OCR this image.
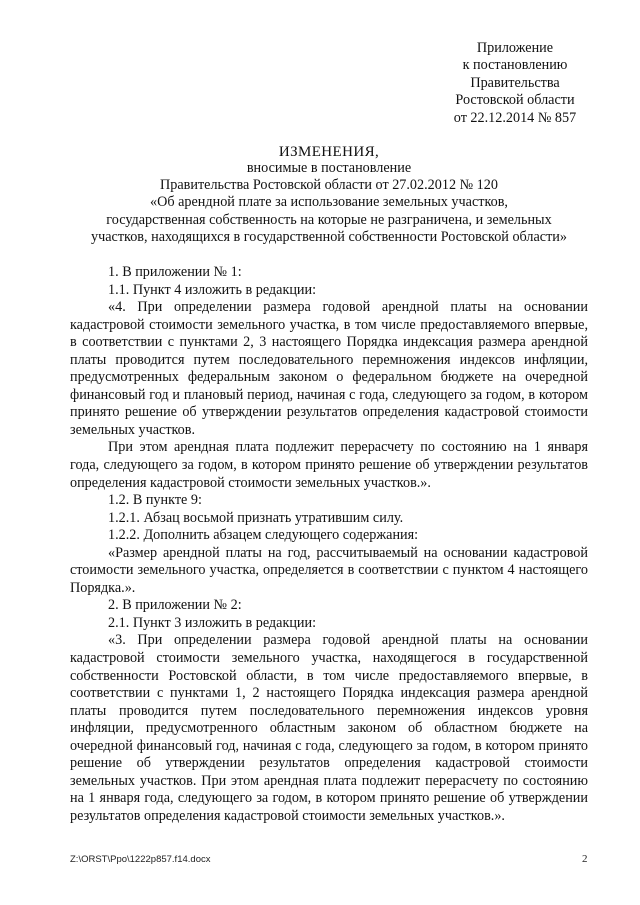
Приложение
к постановлению
Правительства
Ростовской области
от 22.12.2014 № 857
ИЗМЕНЕНИЯ,
вносимые в постановление
Правительства Ростовской области от 27.02.2012 № 120
«Об арендной плате за использование земельных участков,
государственная собственность на которые не разграничена, и земельных
участков, находящихся в государственной собственности Ростовской области»

1. В приложении № 1:

1.1. Пункт 4 изложить в редакции:

«4. При определении размера годовой арендной платы на основании кадастровой стоимости земельного участка, в том числе предоставляемого впервые, в соответствии с пунктами 2, 3 настоящего Порядка индексация размера арендной платы проводится путем последовательного перемножения индексов инфляции, предусмотренных федеральным законом о федеральном бюджете на очередной финансовый год и плановый период, начиная с года, следующего за годом, в котором принято решение об утверждении результатов определения кадастровой стоимости земельных участков.

При этом арендная плата подлежит перерасчету по состоянию на 1 января года, следующего за годом, в котором принято решение об утверждении результатов определения кадастровой стоимости земельных участков.».

1.2. В пункте 9:

1.2.1. Абзац восьмой признать утратившим силу.

1.2.2. Дополнить абзацем следующего содержания:

«Размер арендной платы на год, рассчитываемый на основании кадастровой стоимости земельного участка, определяется в соответствии с пунктом 4 настоящего Порядка.».

2. В приложении № 2:

2.1. Пункт 3 изложить в редакции:

«3. При определении размера годовой арендной платы на основании кадастровой стоимости земельного участка, находящегося в государственной собственности Ростовской области, в том числе предоставляемого впервые, в соответствии с пунктами 1, 2 настоящего Порядка индексация размера арендной платы проводится путем последовательного перемножения индексов уровня инфляции, предусмотренного областным законом об областном бюджете на очередной финансовый год, начиная с года, следующего за годом, в котором принято решение об утверждении результатов определения кадастровой стоимости земельных участков. При этом арендная плата подлежит перерасчету по состоянию на 1 января года, следующего за годом, в котором принято решение об утверждении результатов определения кадастровой стоимости земельных участков.».

Z:\ORST\Ppo\1222p857.f14.docx	2
